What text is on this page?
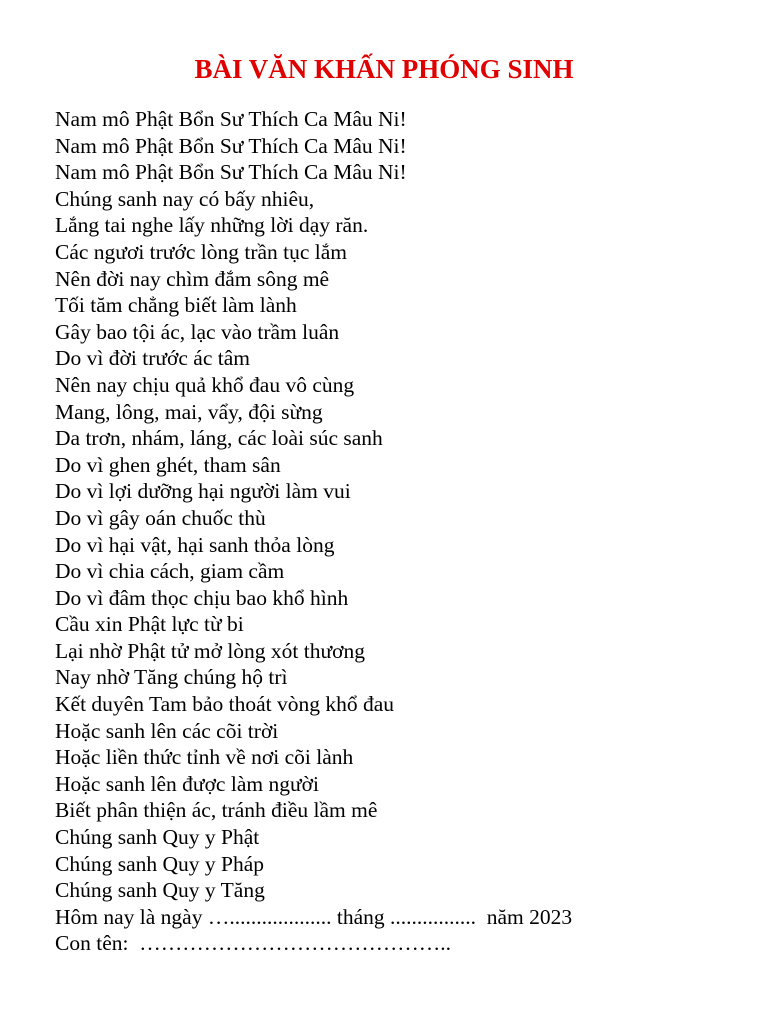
BÀI VĂN KHẤN PHÓNG SINH
Nam mô Phật Bổn Sư Thích Ca Mâu Ni!
Nam mô Phật Bổn Sư Thích Ca Mâu Ni!
Nam mô Phật Bổn Sư Thích Ca Mâu Ni!
Chúng sanh nay có bấy nhiêu,
Lắng tai nghe lấy những lời dạy răn.
Các ngươi trước lòng trần tục lắm
Nên đời nay chìm đắm sông mê
Tối tăm chẳng biết làm lành
Gây bao tội ác, lạc vào trầm luân
Do vì đời trước ác tâm
Nên nay chịu quả khổ đau vô cùng
Mang, lông, mai, vẩy, đội sừng
Da trơn, nhám, láng, các loài súc sanh
Do vì ghen ghét, tham sân
Do vì lợi dưỡng hại người làm vui
Do vì gây oán chuốc thù
Do vì hại vật, hại sanh thỏa lòng
Do vì chia cách, giam cầm
Do vì đâm thọc chịu bao khổ hình
Cầu xin Phật lực từ bi
Lại nhờ Phật tử mở lòng xót thương
Nay nhờ Tăng chúng hộ trì
Kết duyên Tam bảo thoát vòng khổ đau
Hoặc sanh lên các cõi trời
Hoặc liền thức tỉnh về nơi cõi lành
Hoặc sanh lên được làm người
Biết phân thiện ác, tránh điều lầm mê
Chúng sanh Quy y Phật
Chúng sanh Quy y Pháp
Chúng sanh Quy y Tăng
Hôm nay là ngày …................... tháng ................  năm 2023
Con tên:  ……………………………………..
